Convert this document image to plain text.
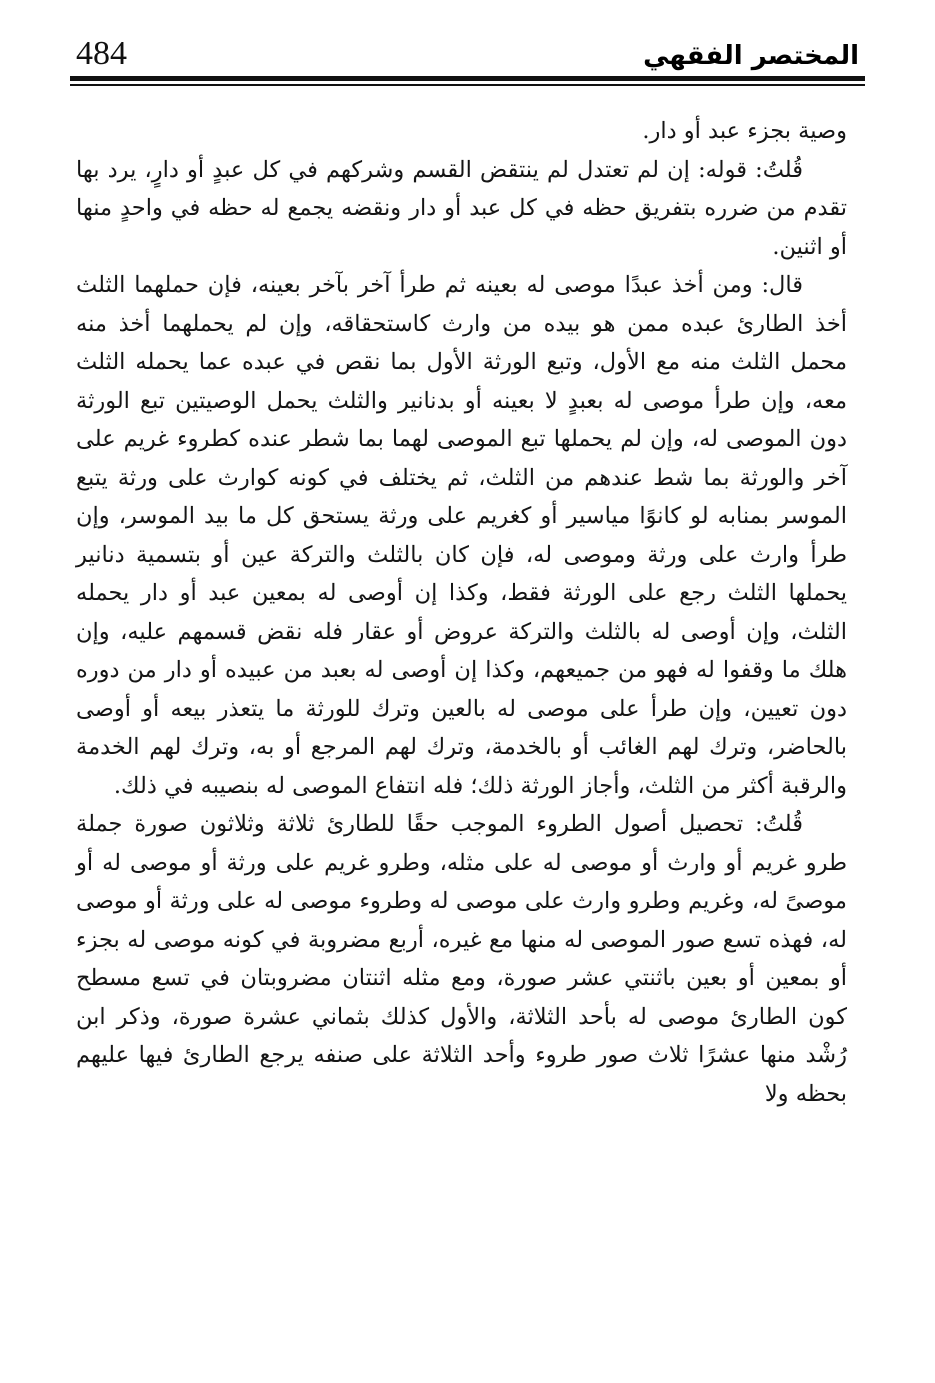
484	المختصر الفقهي

وصية بجزء عبد أو دار.

قُلتُ: قوله: إن لم تعتدل لم ينتقض القسم وشركهم في كل عبدٍ أو دارٍ، يرد بها تقدم من ضرره بتفريق حظه في كل عبد أو دار ونقضه يجمع له حظه في واحدٍ منها أو اثنين.

قال: ومن أخذ عبدًا موصى له بعينه ثم طرأ آخر بآخر بعينه، فإن حملهما الثلث أخذ الطارئ عبده ممن هو بيده من وارث كاستحقاقه، وإن لم يحملهما أخذ منه محمل الثلث منه مع الأول، وتبع الورثة الأول بما نقص في عبده عما يحمله الثلث معه، وإن طرأ موصى له بعبدٍ لا بعينه أو بدنانير والثلث يحمل الوصيتين تبع الورثة دون الموصى له، وإن لم يحملها تبع الموصى لهما بما شطر عنده كطروء غريم على آخر والورثة بما شط عندهم من الثلث، ثم يختلف في كونه كوارث على ورثة يتبع الموسر بمنابه لو كانوًا مياسير أو كغريم على ورثة يستحق كل ما بيد الموسر، وإن طرأ وارث على ورثة وموصى له، فإن كان بالثلث والتركة عين أو بتسمية دنانير يحملها الثلث رجع على الورثة فقط، وكذا إن أوصى له بمعين عبد أو دار يحمله الثلث، وإن أوصى له بالثلث والتركة عروض أو عقار فله نقض قسمهم عليه، وإن هلك ما وقفوا له فهو من جميعهم، وكذا إن أوصى له بعبد من عبيده أو دار من دوره دون تعيين، وإن طرأ على موصى له بالعين وترك للورثة ما يتعذر بيعه أو أوصى بالحاضر، وترك لهم الغائب أو بالخدمة، وترك لهم المرجع أو به، وترك لهم الخدمة والرقبة أكثر من الثلث، وأجاز الورثة ذلك؛ فله انتفاع الموصى له بنصيبه في ذلك.

قُلتُ: تحصيل أصول الطروء الموجب حقًا للطارئ ثلاثة وثلاثون صورة جملة طرو غريم أو وارث أو موصى له على مثله، وطرو غريم على ورثة أو موصى له أو موصىً له، وغريم وطرو وارث على موصى له وطروء موصى له على ورثة أو موصى له، فهذه تسع صور الموصى له منها مع غيره، أربع مضروبة في كونه موصى له بجزء أو بمعين أو بعين باثنتي عشر صورة، ومع مثله اثنتان مضروبتان في تسع مسطح كون الطارئ موصى له بأحد الثلاثة، والأول كذلك بثماني عشرة صورة، وذكر ابن رُشْد منها عشرًا ثلاث صور طروء وأحد الثلاثة على صنفه يرجع الطارئ فيها عليهم بحظه ولا
